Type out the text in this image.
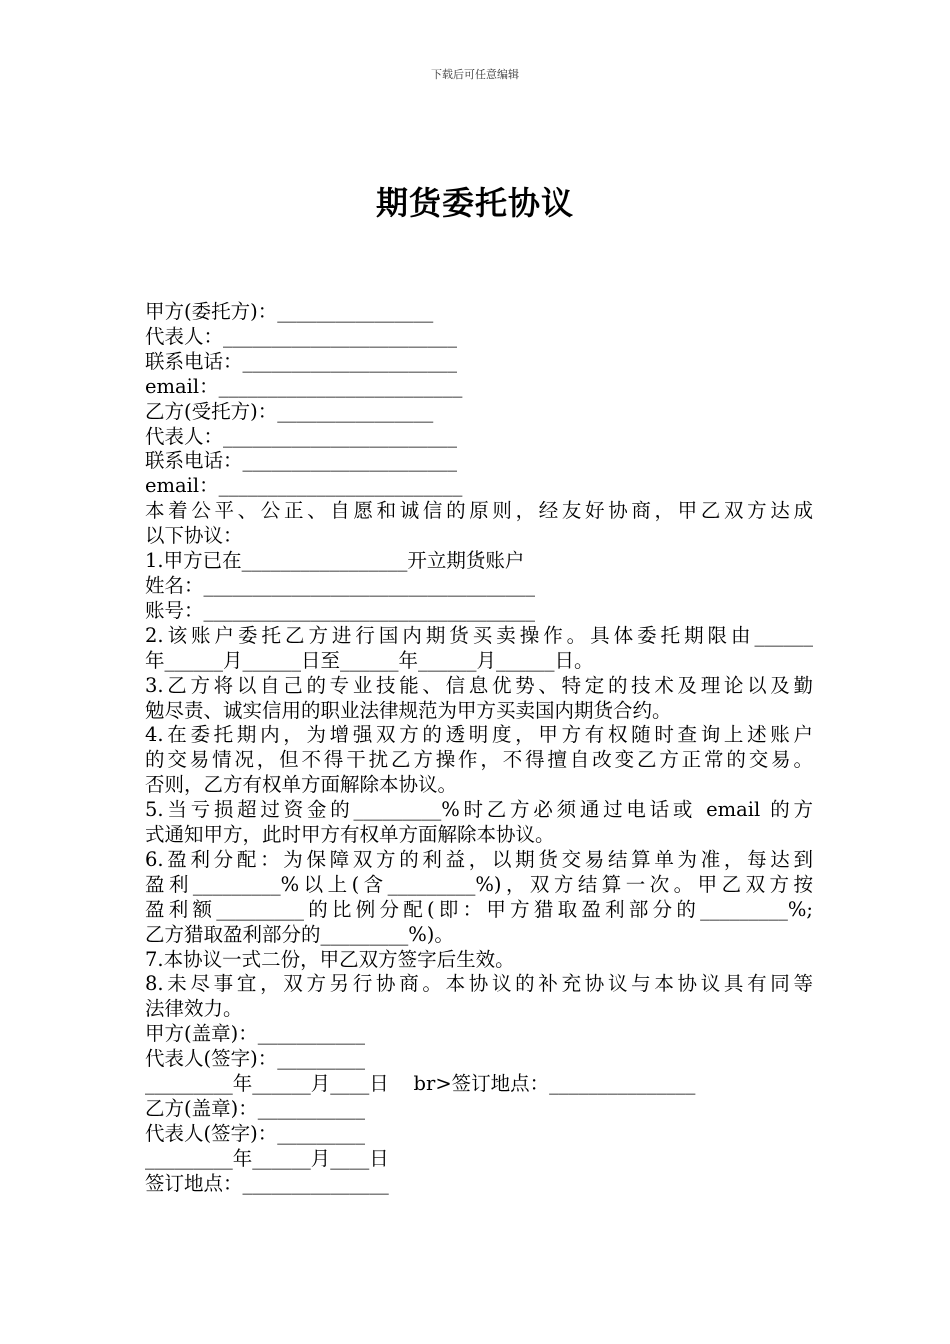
下载后可任意编辑
期货委托协议
甲方(委托方)：________________
代表人：________________________
联系电话：______________________
email：_________________________
乙方(受托方)：________________
代表人：________________________
联系电话：______________________
email：_________________________
本着公平、公正、自愿和诚信的原则，经友好协商，甲乙双方达成
以下协议：
1.甲方已在_________________开立期货账户
姓名：__________________________________
账号：__________________________________
2.该账户委托乙方进行国内期货买卖操作。具体委托期限由______
年______月______日至______年______月______日。
3.乙方将以自己的专业技能、信息优势、特定的技术及理论以及勤
勉尽责、诚实信用的职业法律规范为甲方买卖国内期货合约。
4.在委托期内，为增强双方的透明度，甲方有权随时查询上述账户
的交易情况，但不得干扰乙方操作，不得擅自改变乙方正常的交易。
否则，乙方有权单方面解除本协议。
5.当亏损超过资金的_________%时乙方必须通过电话或 email 的方
式通知甲方，此时甲方有权单方面解除本协议。
6.盈利分配：为保障双方的利益，以期货交易结算单为准，每达到
盈利_________%以上(含_________%)，双方结算一次。甲乙双方按
盈利额_________的比例分配(即：甲方猎取盈利部分的_________%;
乙方猎取盈利部分的_________%)。
7.本协议一式二份，甲乙双方签字后生效。
8.未尽事宜，双方另行协商。本协议的补充协议与本协议具有同等
法律效力。
甲方(盖章)：___________
代表人(签字)：_________
_________年______月____日    br>签订地点：_______________
乙方(盖章)：___________
代表人(签字)：_________
_________年______月____日
签订地点：_______________
